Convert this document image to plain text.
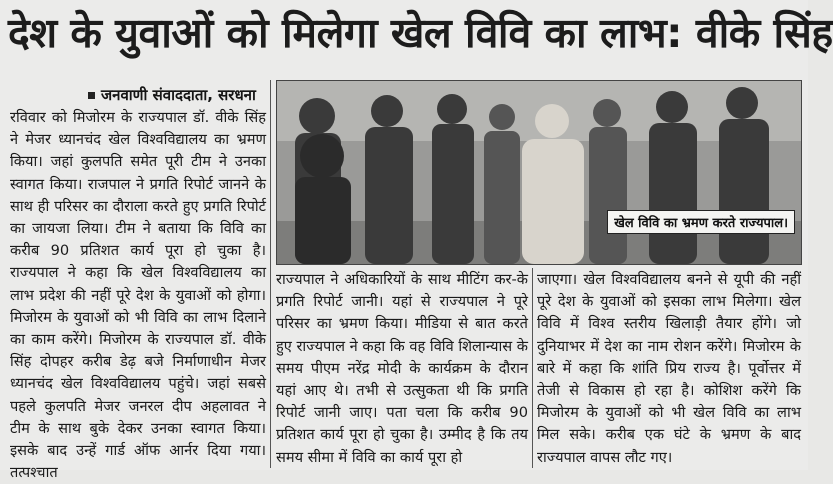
देश के युवाओं को मिलेगा खेल विवि का लाभ: वीके सिंह
जनवाणी संवाददाता, सरधना
रविवार को मिजोरम के राज्यपाल डॉ. वीके सिंह ने मेजर ध्यानचंद खेल विश्वविद्यालय का भ्रमण किया। जहां कुलपति समेत पूरी टीम ने उनका स्वागत किया। राजपाल ने प्रगति रिपोर्ट जानने के साथ ही परिसर का दौराला करते हुए प्रगति रिपोर्ट का जायजा लिया। टीम ने बताया कि विवि का करीब 90 प्रतिशत कार्य पूरा हो चुका है। राज्यपाल ने कहा कि खेल विश्वविद्यालय का लाभ प्रदेश की नहीं पूरे देश के युवाओं को होगा। मिजोरम के युवाओं को भी विवि का लाभ दिलाने का काम करेंगे। मिजोरम के राज्यपाल डॉ. वीके सिंह दोपहर करीब डेढ़ बजे निर्माणाधीन मेजर ध्यानचंद खेल विश्वविद्यालय पहुंचे। जहां सबसे पहले कुलपति मेजर जनरल दीप अहलावत ने टीम के साथ बुके देकर उनका स्वागत किया। इसके बाद उन्हें गार्ड ऑफ आर्नर दिया गया। तत्पश्चात
खेल विवि का भ्रमण करते राज्यपाल।
राज्यपाल ने अधिकारियों के साथ मीटिंग कर-के प्रगति रिपोर्ट जानी। यहां से राज्यपाल ने पूरे परिसर का भ्रमण किया। मीडिया से बात करते हुए राज्यपाल ने कहा कि वह विवि शिलान्यास के समय पीएम नरेंद्र मोदी के कार्यक्रम के दौरान यहां आए थे। तभी से उत्सुकता थी कि प्रगति रिपोर्ट जानी जाए। पता चला कि करीब 90 प्रतिशत कार्य पूरा हो चुका है। उम्मीद है कि तय समय सीमा में विवि का कार्य पूरा हो
जाएगा। खेल विश्वविद्यालय बनने से यूपी की नहीं पूरे देश के युवाओं को इसका लाभ मिलेगा। खेल विवि में विश्व स्तरीय खिलाड़ी तैयार होंगे। जो दुनियाभर में देश का नाम रोशन करेंगे। मिजोरम के बारे में कहा कि शांति प्रिय राज्य है। पूर्वोत्तर में तेजी से विकास हो रहा है। कोशिश करेंगे कि मिजोरम के युवाओं को भी खेल विवि का लाभ मिल सके। करीब एक घंटे के भ्रमण के बाद राज्यपाल वापस लौट गए।
